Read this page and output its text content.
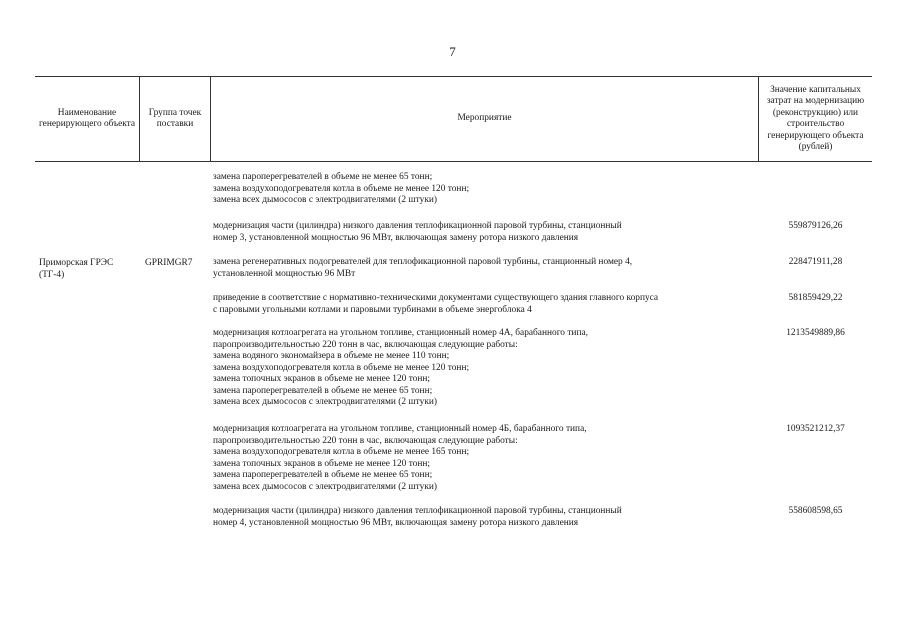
7
Наименование генерирующего объекта
Группа точек поставки
Мероприятие
Значение капитальных затрат на модернизацию (реконструкцию) или строительство генерирующего объекта (рублей)
Приморская ГРЭС (ТГ-4)
GPRIMGR7
замена пароперегревателей в объеме не менее 65 тонн;
замена воздухоподогревателя котла в объеме не менее 120 тонн;
замена всех дымососов с электродвигателями (2 штуки)
модернизация части (цилиндра) низкого давления теплофикационной паровой турбины, станционный
номер 3, установленной мощностью 96 МВт, включающая замену ротора низкого давления
559879126,26
замена регенеративных подогревателей для теплофикационной паровой турбины, станционный номер 4,
установленной мощностью 96 МВт
228471911,28
приведение в соответствие с нормативно-техническими документами существующего здания главного корпуса
с паровыми угольными котлами и паровыми турбинами в объеме энергоблока 4
581859429,22
модернизация котлоагрегата на угольном топливе, станционный номер 4А, барабанного типа,
паропроизводительностью 220 тонн в час, включающая следующие работы:
замена водяного экономайзера в объеме не менее 110 тонн;
замена воздухоподогревателя котла в объеме не менее 120 тонн;
замена топочных экранов в объеме не менее 120 тонн;
замена пароперегревателей в объеме не менее 65 тонн;
замена всех дымососов с электродвигателями (2 штуки)
1213549889,86
модернизация котлоагрегата на угольном топливе, станционный номер 4Б, барабанного типа,
паропроизводительностью 220 тонн в час, включающая следующие работы:
замена воздухоподогревателя котла в объеме не менее 165 тонн;
замена топочных экранов в объеме не менее 120 тонн;
замена пароперегревателей в объеме не менее 65 тонн;
замена всех дымососов с электродвигателями (2 штуки)
1093521212,37
модернизация части (цилиндра) низкого давления теплофикационной паровой турбины, станционный
номер 4, установленной мощностью 96 МВт, включающая замену ротора низкого давления
558608598,65
